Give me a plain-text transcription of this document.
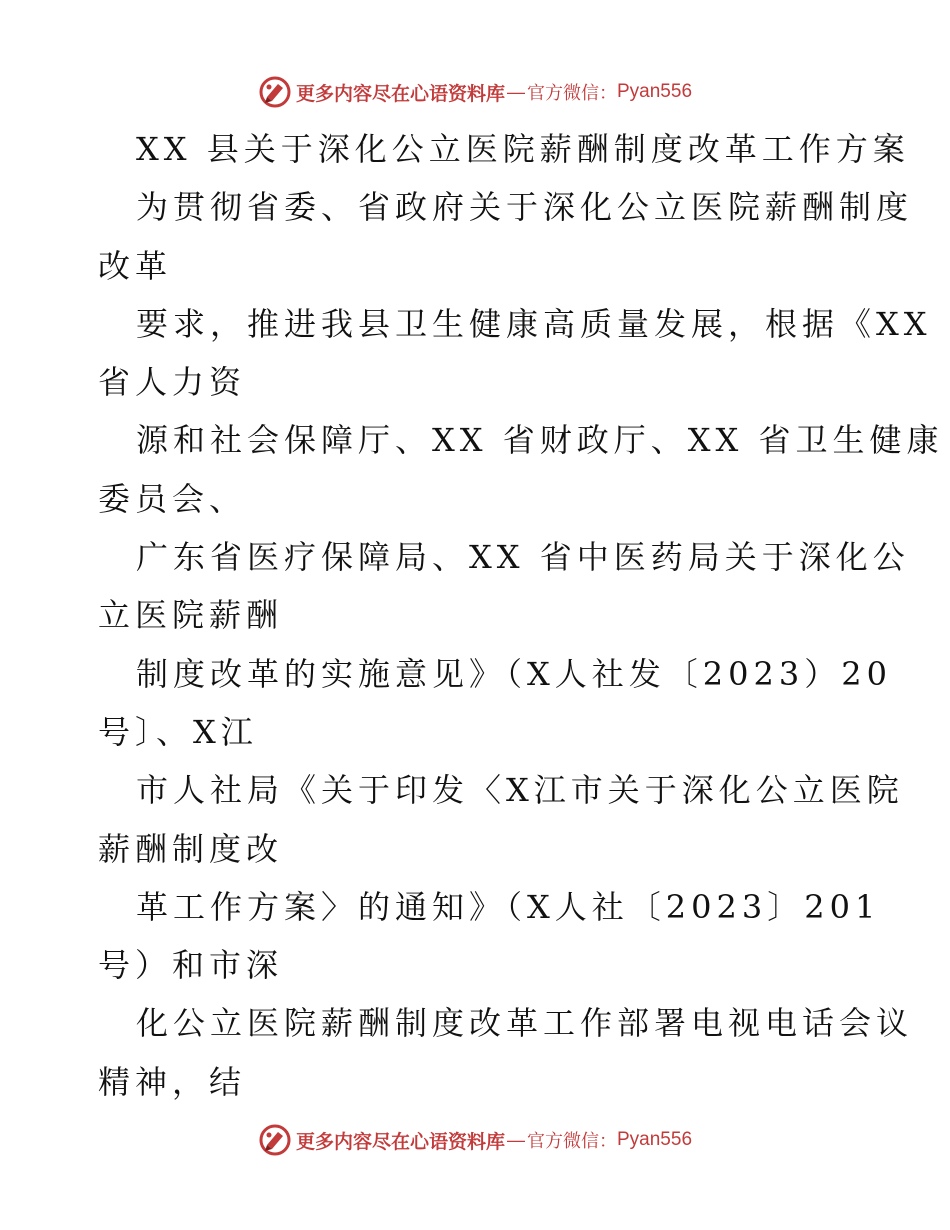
更多内容尽在心语资料库 — 官方微信： Pyan556
XX 县关于深化公立医院薪酬制度改革工作方案
为贯彻省委、省政府关于深化公立医院薪酬制度
改革
要求，推进我县卫生健康高质量发展，根据《XX
省人力资
源和社会保障厅、XX 省财政厅、XX 省卫生健康
委员会、
广东省医疗保障局、XX 省中医药局关于深化公
立医院薪酬
制度改革的实施意见》（X人社发〔2023）20
号〕、X江
市人社局《关于印发〈X江市关于深化公立医院
薪酬制度改
革工作方案〉的通知》（X人社〔2023〕201
号）和市深
化公立医院薪酬制度改革工作部署电视电话会议
精神，结
更多内容尽在心语资料库 — 官方微信： Pyan556
